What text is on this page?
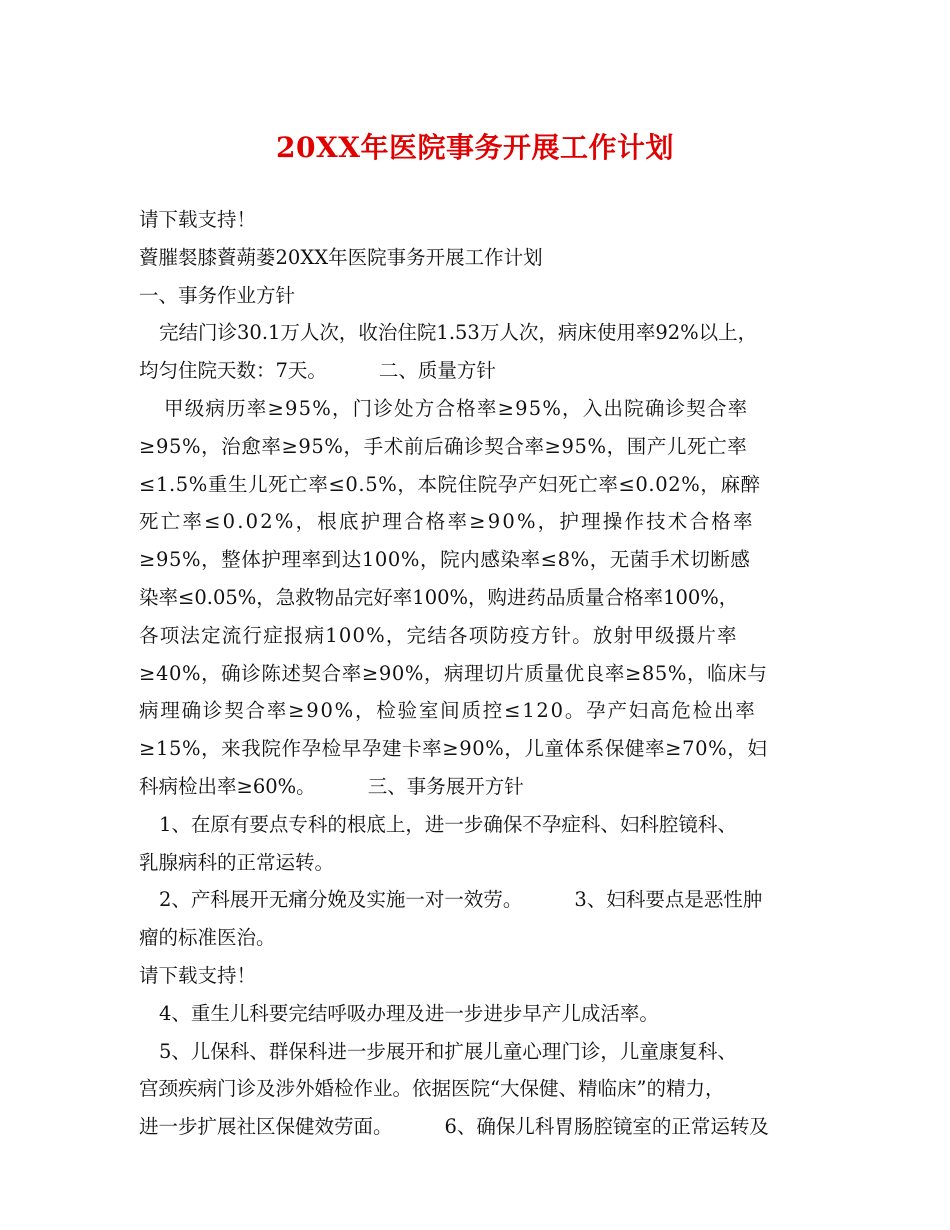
20XX年医院事务开展工作计划
请下载支持！
薋膗裻膝薋蒴蒌20XX年医院事务开展工作计划
一、事务作业方针
完结门诊30.1万人次，收治住院1.53万人次，病床使用率92%以上，
均匀住院天数：7天。	二、质量方针
甲级病历率≥95%，门诊处方合格率≥95%，入出院确诊契合率
≥95%，治愈率≥95%，手术前后确诊契合率≥95%，围产儿死亡率
≤1.5%重生儿死亡率≤0.5%，本院住院孕产妇死亡率≤0.02%，麻醉
死亡率≤0.02%，根底护理合格率≥90%，护理操作技术合格率
≥95%，整体护理率到达100%，院内感染率≤8%，无菌手术切断感
染率≤0.05%，急救物品完好率100%，购进药品质量合格率100%，
各项法定流行症报病100%，完结各项防疫方针。放射甲级摄片率
≥40%，确诊陈述契合率≥90%，病理切片质量优良率≥85%，临床与
病理确诊契合率≥90%，检验室间质控≤120。孕产妇高危检出率
≥15%，来我院作孕检早孕建卡率≥90%，儿童体系保健率≥70%，妇
科病检出率≥60%。	三、事务展开方针
1、在原有要点专科的根底上，进一步确保不孕症科、妇科腔镜科、
乳腺病科的正常运转。
2、产科展开无痛分娩及实施一对一效劳。	3、妇科要点是恶性肿
瘤的标准医治。
请下载支持！
4、重生儿科要完结呼吸办理及进一步进步早产儿成活率。
5、儿保科、群保科进一步展开和扩展儿童心理门诊，儿童康复科、
宫颈疾病门诊及涉外婚检作业。依据医院“大保健、精临床”的精力，
进一步扩展社区保健效劳面。	6、确保儿科胃肠腔镜室的正常运转及
